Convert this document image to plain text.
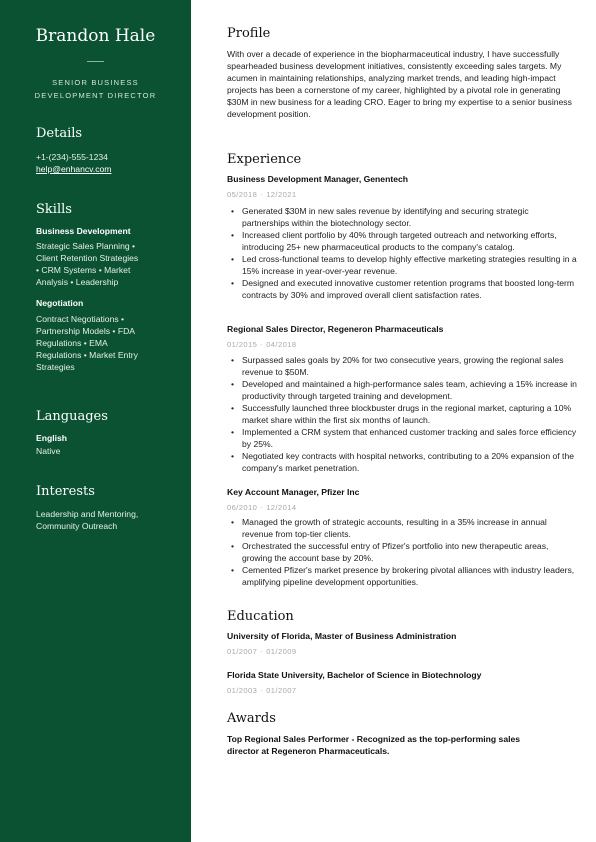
Brandon Hale
SENIOR BUSINESS
DEVELOPMENT DIRECTOR
Details
+1-(234)-555-1234
help@enhancv.com
Skills
Business Development
Strategic Sales Planning •
Client Retention Strategies
• CRM Systems • Market
Analysis • Leadership
Negotiation
Contract Negotiations •
Partnership Models • FDA
Regulations • EMA
Regulations • Market Entry
Strategies
Languages
English
Native
Interests
Leadership and Mentoring,
Community Outreach
Profile
With over a decade of experience in the biopharmaceutical industry, I have successfully spearheaded business development initiatives, consistently exceeding sales targets. My acumen in maintaining relationships, analyzing market trends, and leading high-impact projects has been a cornerstone of my career, highlighted by a pivotal role in generating $30M in new business for a leading CRO. Eager to bring my expertise to a senior business development position.
Experience
Business Development Manager, Genentech
05/2018 - 12/2021
• Generated $30M in new sales revenue by identifying and securing strategic partnerships within the biotechnology sector.
• Increased client portfolio by 40% through targeted outreach and networking efforts, introducing 25+ new pharmaceutical products to the company's catalog.
• Led cross-functional teams to develop highly effective marketing strategies resulting in a 15% increase in year-over-year revenue.
• Designed and executed innovative customer retention programs that boosted long-term contracts by 30% and improved overall client satisfaction rates.
Regional Sales Director, Regeneron Pharmaceuticals
01/2015 - 04/2018
• Surpassed sales goals by 20% for two consecutive years, growing the regional sales revenue to $50M.
• Developed and maintained a high-performance sales team, achieving a 15% increase in productivity through targeted training and development.
• Successfully launched three blockbuster drugs in the regional market, capturing a 10% market share within the first six months of launch.
• Implemented a CRM system that enhanced customer tracking and sales force efficiency by 25%.
• Negotiated key contracts with hospital networks, contributing to a 20% expansion of the company's market penetration.
Key Account Manager, Pfizer Inc
06/2010 - 12/2014
• Managed the growth of strategic accounts, resulting in a 35% increase in annual revenue from top-tier clients.
• Orchestrated the successful entry of Pfizer's portfolio into new therapeutic areas, growing the account base by 20%.
• Cemented Pfizer's market presence by brokering pivotal alliances with industry leaders, amplifying pipeline development opportunities.
Education
University of Florida, Master of Business Administration
01/2007 - 01/2009
Florida State University, Bachelor of Science in Biotechnology
01/2003 - 01/2007
Awards
Top Regional Sales Performer - Recognized as the top-performing sales
director at Regeneron Pharmaceuticals.
